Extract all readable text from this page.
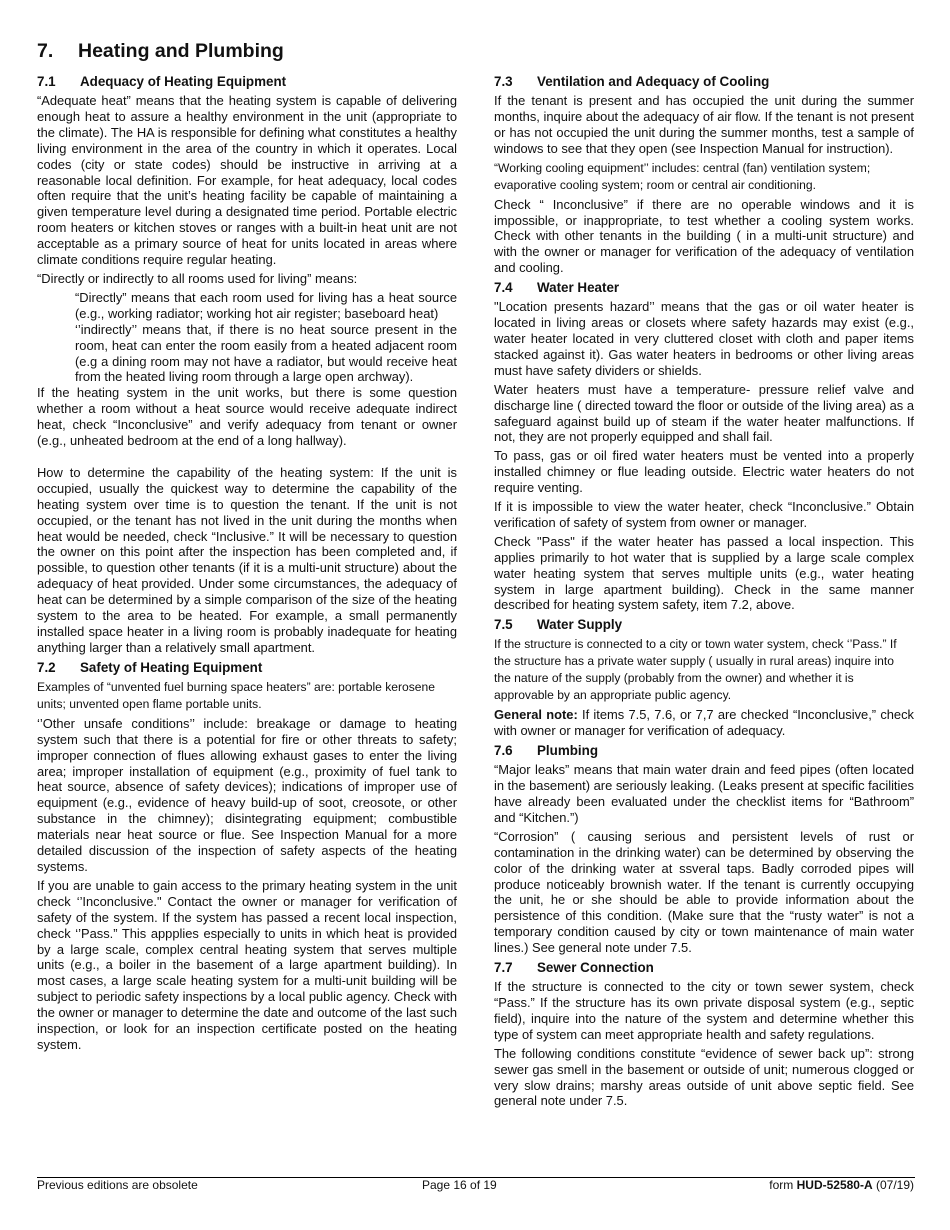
7. Heating and Plumbing
7.1 Adequacy of Heating Equipment

“Adequate heat” means that the heating system is capable of delivering enough heat to assure a healthy environment in the unit (appropriate to the climate). The HA is responsible for defining what constitutes a healthy living environment in the area of the country in which it operates. Local codes (city or state codes) should be instructive in arriving at a reasonable local definition. For example, for heat adequacy, local codes often require that the unit’s heating facility be capable of maintaining a given temperature level during a designated time period. Portable electric room heaters or kitchen stoves or ranges with a built-in heat unit are not acceptable as a primary source of heat for units located in areas where climate conditions require regular heating.

“Directly or indirectly to all rooms used for living” means:

“Directly” means that each room used for living has a heat source (e.g., working radiator; working hot air register; baseboard heat)

‘’indirectly’’ means that, if there is no heat source present in the room, heat can enter the room easily from a heated adjacent room (e.g a dining room may not have a radiator, but would receive heat from the heated living room through a large open archway).

If the heating system in the unit works, but there is some question whether a room without a heat source would receive adequate indirect heat, check “Inconclusive” and verify adequacy from tenant or owner (e.g., unheated bedroom at the end of a long hallway).

How to determine the capability of the heating system: If the unit is occupied, usually the quickest way to determine the capability of the heating system over time is to question the tenant. If the unit is not occupied, or the tenant has not lived in the unit during the months when heat would be needed, check “Inclusive.” It will be necessary to question the owner on this point after the inspection has been completed and, if possible, to question other tenants (if it is a multi-unit structure) about the adequacy of heat provided. Under some circumstances, the adequacy of heat can be determined by a simple comparison of the size of the heating system to the area to be heated. For example, a small permanently installed space heater in a living room is probably inadequate for heating anything larger than a relatively small apartment.

7.2 Safety of Heating Equipment

Examples of “unvented fuel burning space heaters” are: portable kerosene units; unvented open flame portable units.

‘’Other unsafe conditions’’ include: breakage or damage to heating system such that there is a potential for fire or other threats to safety; improper connection of flues allowing exhaust gases to enter the living area; improper installation of equipment (e.g., proximity of fuel tank to heat source, absence of safety devices); indications of improper use of equipment (e.g., evidence of heavy build-up of soot, creosote, or other substance in the chimney); disintegrating equipment; combustible materials near heat source or flue. See Inspection Manual for a more detailed discussion of the inspection of safety aspects of the heating systems.

If you are unable to gain access to the primary heating system in the unit check ‘’Inconclusive." Contact the owner or manager for verification of safety of the system. If the system has passed a recent local inspection, check ‘’Pass.” This appplies especially to units in which heat is provided by a large scale, complex central heating system that serves multiple units (e.g., a boiler in the basement of a large apartment building). In most cases, a large scale heating system for a multi-unit building will be subject to periodic safety inspections by a local public agency. Check with the owner or manager to determine the date and outcome of the last such inspection, or look for an inspection certificate posted on the heating system.

7.3 Ventilation and Adequacy of Cooling

If the tenant is present and has occupied the unit during the summer months, inquire about the adequacy of air flow. If the tenant is not present or has not occupied the unit during the summer months, test a sample of windows to see that they open (see Inspection Manual for instruction).

“Working cooling equipment’’ includes: central (fan) ventilation system; evaporative cooling system; room or central air conditioning.

Check “ Inconclusive” if there are no operable windows and it is impossible, or inappropriate, to test whether a cooling system works. Check with other tenants in the building ( in a multi-unit structure) and with the owner or manager for verification of the adequacy of ventilation and cooling.

7.4 Water Heater

"Location presents hazard’’ means that the gas or oil water heater is located in living areas or closets where safety hazards may exist (e.g., water heater located in very cluttered closet with cloth and paper items stacked against it). Gas water heaters in bedrooms or other living areas must have safety dividers or shields.

Water heaters must have a temperature- pressure relief valve and discharge line ( directed toward the floor or outside of the living area) as a safeguard against build up of steam if the water heater malfunctions. If not, they are not properly equipped and shall fail.

To pass, gas or oil fired water heaters must be vented into a properly installed chimney or flue leading outside. Electric water heaters do not require venting.

If it is impossible to view the water heater, check “Inconclusive.” Obtain verification of safety of system from owner or manager.

Check "Pass" if the water heater has passed a local inspection. This applies primarily to hot water that is supplied by a large scale complex water heating system that serves multiple units (e.g., water heating system in large apartment building). Check in the same manner described for heating system safety, item 7.2, above.

7.5 Water Supply

If the structure is connected to a city or town water system, check ‘’Pass.” If the structure has a private water supply ( usually in rural areas) inquire into the nature of the supply (probably from the owner) and whether it is approvable by an appropriate public agency.

General note: If items 7.5, 7.6, or 7,7 are checked “Inconclusive,” check with owner or manager for verification of adequacy.

7.6 Plumbing

“Major leaks” means that main water drain and feed pipes (often located in the basement) are seriously leaking. (Leaks present at specific facilities have already been evaluated under the checklist items for “Bathroom” and “Kitchen.”)

“Corrosion” ( causing serious and persistent levels of rust or contamination in the drinking water) can be determined by observing the color of the drinking water at ssveral taps. Badly corroded pipes will produce noticeably brownish water. If the tenant is currently occupying the unit, he or she should be able to provide information about the persistence of this condition. (Make sure that the “rusty water” is not a temporary condition caused by city or town maintenance of main water lines.) See general note under 7.5.

7.7 Sewer Connection

If the structure is connected to the city or town sewer system, check “Pass.” If the structure has its own private disposal system (e.g., septic field), inquire into the nature of the system and determine whether this type of system can meet appropriate health and safety regulations.

The following conditions constitute “evidence of sewer back up”: strong sewer gas smell in the basement or outside of unit; numerous clogged or very slow drains; marshy areas outside of unit above septic field. See general note under 7.5.

Previous editions are obsolete	Page 16 of 19	form HUD-52580-A (07/19)
